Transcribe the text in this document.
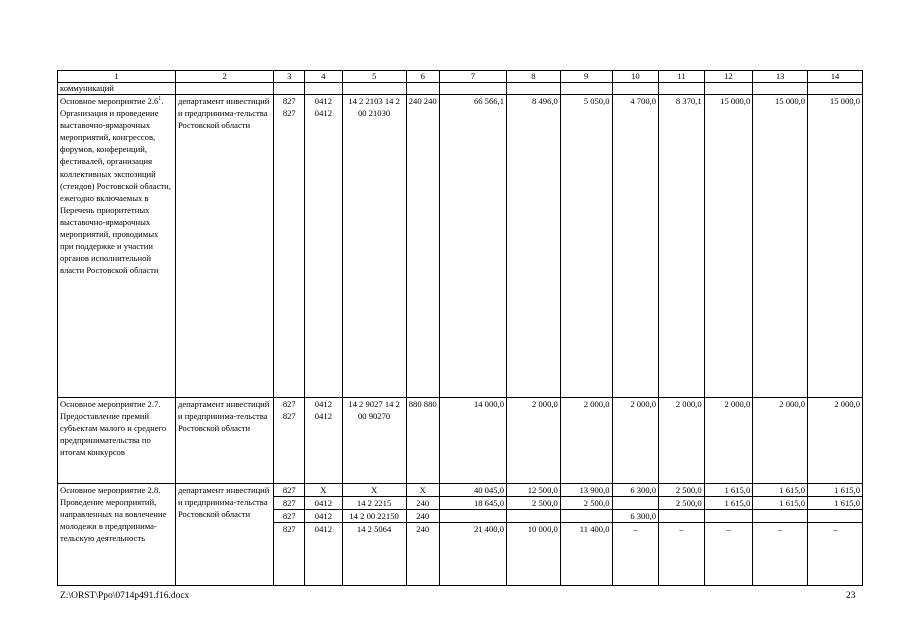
1	2	3	4	5	6	7	8	9	10	11	12	13	14
коммуникаций													
Основное мероприятие $2.6^1$. Организация и проведение выставочно-ярмарочных мероприятий, конгрессов, форумов, конференций, фестивалей, организация коллективных экспозиций (стендов) Ростовской области, ежегодно включаемых в Перечень приоритетных выставочно-ярмарочных мероприятий, проводимых при поддержке и участии органов исполнительной власти Ростовской области	департамент инвестиций и предпринима-тельства Ростовской области	827 827	0412 0412	14 2 2103 14 2 00 21030	240 240	66 566,1	8 496,0	5 050,0	4 700,0	8 370,1	15 000,0	15 000,0	15 000,0
Основное мероприятие 2.7. Предоставление премий субъектам малого и среднего предпринимательства по итогам конкурсов	департамент инвестиций и предпринима-тельства Ростовской области	827 827	0412 0412	14 2 9027 14 2 00 90270	880 880	14 000,0	2 000,0	2 000,0	2 000,0	2 000,0	2 000,0	2 000,0	2 000,0
Основное мероприятие 2.8. Проведение мероприятий, направленных на вовлечение молодежи в предпринима-тельскую деятельность	департамент инвестиций и предпринима-тельства Ростовской области	827	X	X	X	40 045,0	12 500,0	13 900,0	6 300,0	2 500,0	1 615,0	1 615,0	1 615,0
		827	0412	14 2 2215	240	18 645,0	2 500,0	2 500,0		2 500,0	1 615,0	1 615,0	1 615,0
		827	0412	14 2 00 22150	240				6 300,0				
		827	0412	14 2 5064	240	21 400,0	10 000,0	11 400,0	–	–	–	–	–
Z:\ORST\Ppo\0714p491.f16.docx	23
